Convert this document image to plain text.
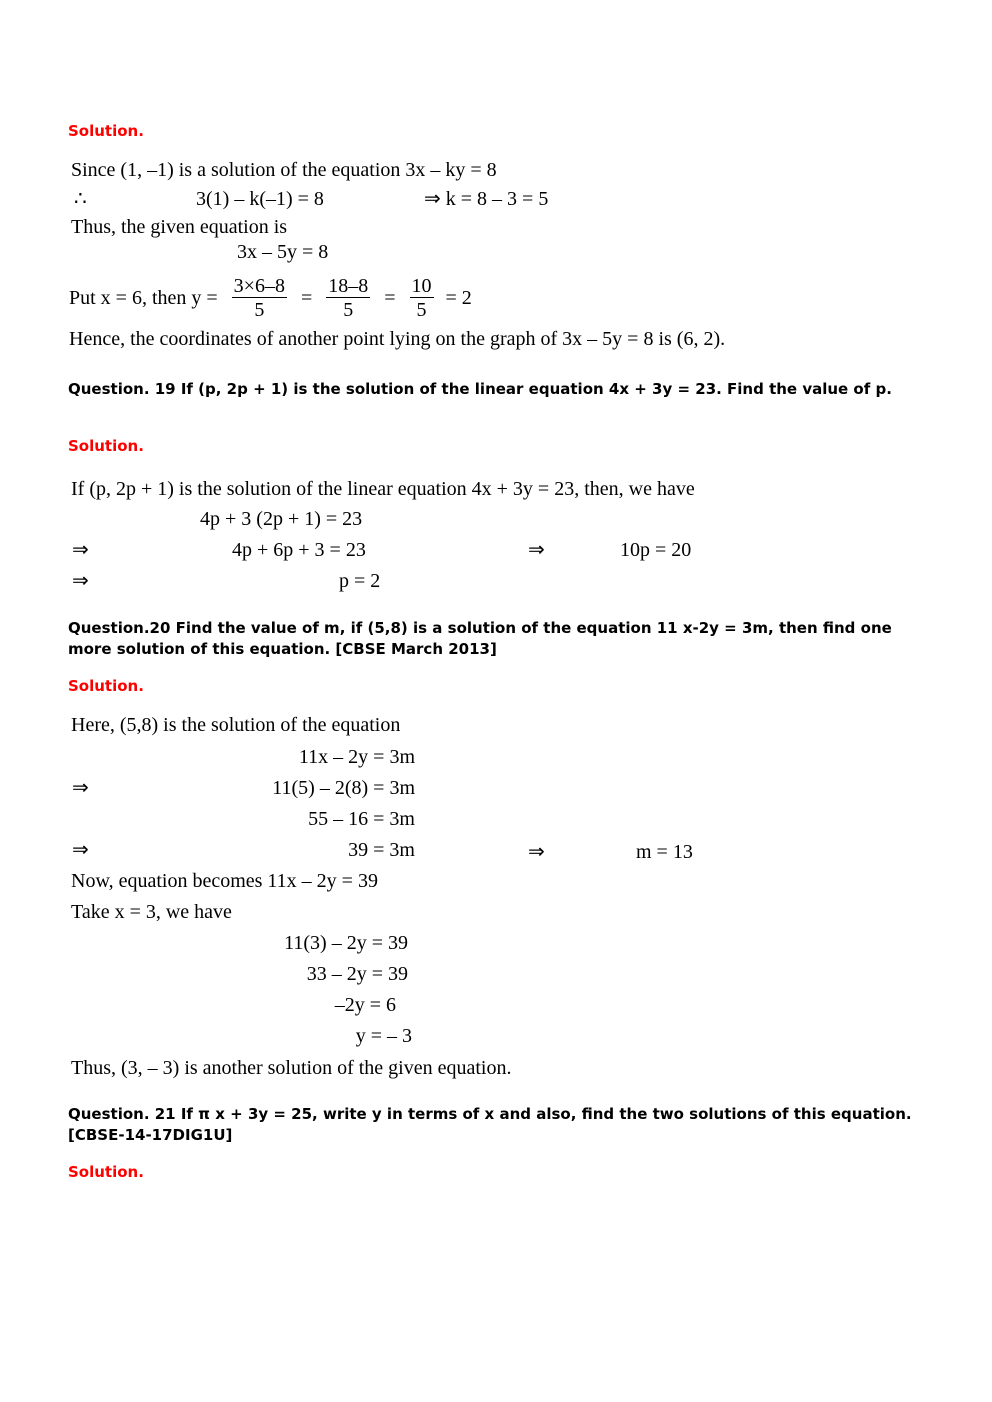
Solution.
Since (1, –1) is a solution of the equation 3x – ky = 8
∴	3(1) – k(–1) = 8	⇒ k = 8 – 3 = 5
Thus, the given equation is
3x – 5y = 8
Put x = 6, then $y = \frac{3\times 6-8}{5} = \frac{18-8}{5} = \frac{10}{5} = 2$
Hence, the coordinates of another point lying on the graph of 3x – 5y = 8 is (6, 2).
Question. 19 If (p, 2p + 1) is the solution of the linear equation 4x + 3y = 23. Find the value of p.
Solution.
If (p, 2p + 1) is the solution of the linear equation 4x + 3y = 23, then, we have
4p + 3 (2p + 1) = 23
⇒	4p + 6p + 3 = 23	⇒	10p = 20
⇒	p = 2
Question.20 Find the value of m, if (5,8) is a solution of the equation 11 x-2y = 3m, then find one more solution of this equation. [CBSE March 2013]
Solution.
Here, (5,8) is the solution of the equation
11x – 2y = 3m
⇒	11(5) – 2(8) = 3m
55 – 16 = 3m
⇒	39 = 3m	⇒	m = 13
Now, equation becomes 11x – 2y = 39
Take x = 3, we have
11(3) – 2y = 39
33 – 2y = 39
–2y = 6
y = – 3
Thus, (3, – 3) is another solution of the given equation.
Question. 21 If π x + 3y = 25, write y in terms of x and also, find the two solutions of this equation. [CBSE-14-17DIG1U]
Solution.
